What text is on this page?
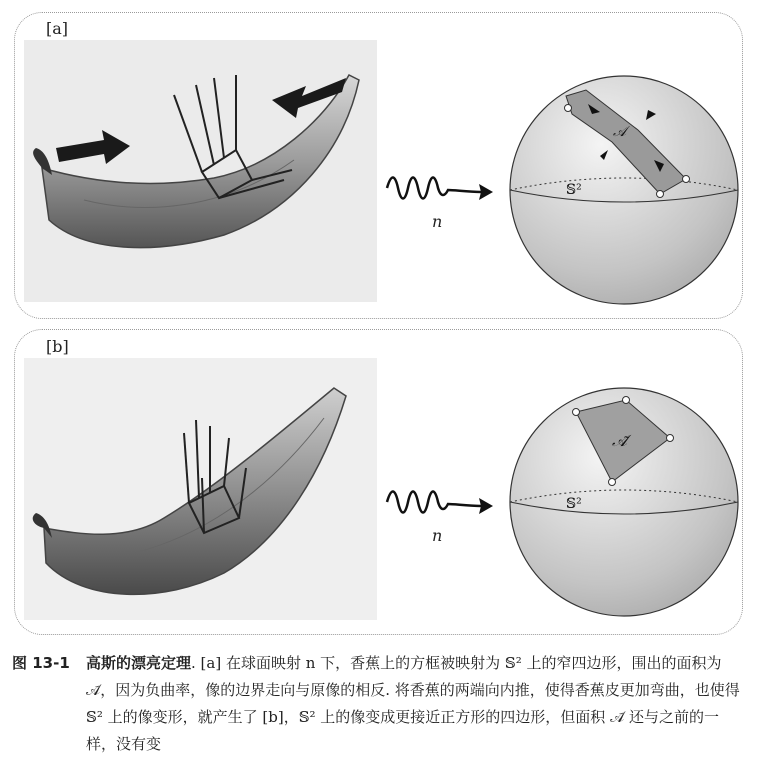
[a]
[b]
n
n
𝒜
𝕊²
𝒜̃
𝕊²
图 13-1 高斯的漂亮定理. [a] 在球面映射 n 下，香蕉上的方框被映射为 𝕊² 上的窄四边形，围出的面积为 𝒜̃，因为负曲率，像的边界走向与原像的相反. 将香蕉的两端向内推，使得香蕉皮更加弯曲，也使得 𝕊² 上的像变形，就产生了 [b]，𝕊² 上的像变成更接近正方形的四边形，但面积 𝒜̃ 还与之前的一样，没有变
